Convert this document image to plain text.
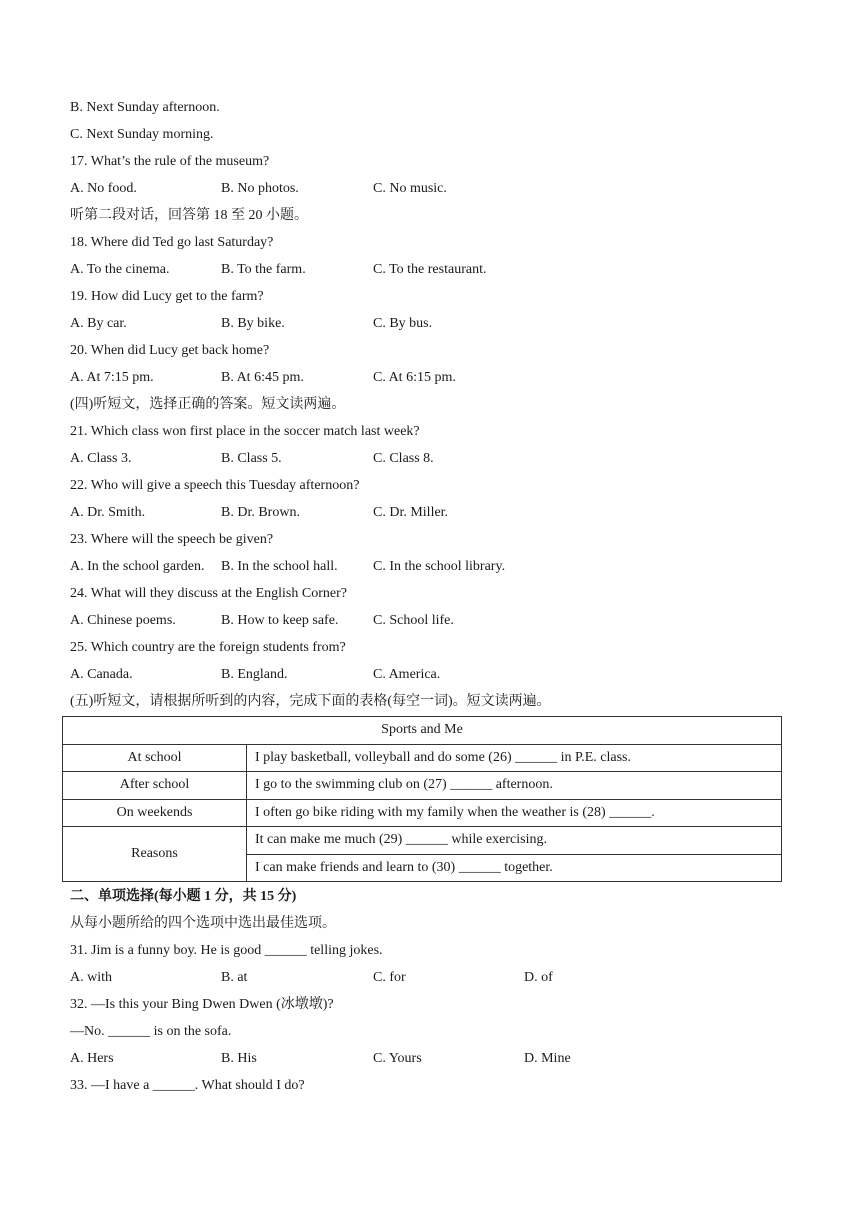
B. Next Sunday afternoon.
C. Next Sunday morning.
17. What’s the rule of the museum?
A. No food.	B. No photos.	C. No music.
听第二段对话，回答第 18 至 20 小题。
18. Where did Ted go last Saturday?
A. To the cinema.	B. To the farm.	C. To the restaurant.
19. How did Lucy get to the farm?
A. By car.	B. By bike.	C. By bus.
20. When did Lucy get back home?
A. At 7:15 pm.	B. At 6:45 pm.	C. At 6:15 pm.
(四)听短文，选择正确的答案。短文读两遍。
21. Which class won first place in the soccer match last week?
A. Class 3.	B. Class 5.	C. Class 8.
22. Who will give a speech this Tuesday afternoon?
A. Dr. Smith.	B. Dr. Brown.	C. Dr. Miller.
23. Where will the speech be given?
A. In the school garden. B. In the school hall.	C. In the school library.
24. What will they discuss at the English Corner?
A. Chinese poems.	B. How to keep safe. C. School life.
25. Which country are the foreign students from?
A. Canada.	B. England.	C. America.
(五)听短文，请根据所听到的内容，完成下面的表格(每空一词)。短文读两遍。
Sports and Me	
At school	I play basketball, volleyball and do some (26) ______ in P.E. class.
After school	I go to the swimming club on (27) ______ afternoon.
On weekends	I often go bike riding with my family when the weather is (28) ______.
Reasons	It can make me much (29) ______ while exercising.
	I can make friends and learn to (30) ______ together.
二、单项选择(每小题 1 分，共 15 分)
从每小题所给的四个选项中选出最佳选项。
31. Jim is a funny boy. He is good ______ telling jokes.
A. with	B. at	C. for	D. of
32. —Is this your Bing Dwen Dwen (冰墩墩)?
—No. ______ is on the sofa.
A. Hers	B. His	C. Yours	D. Mine
33. —I have a ______. What should I do?
